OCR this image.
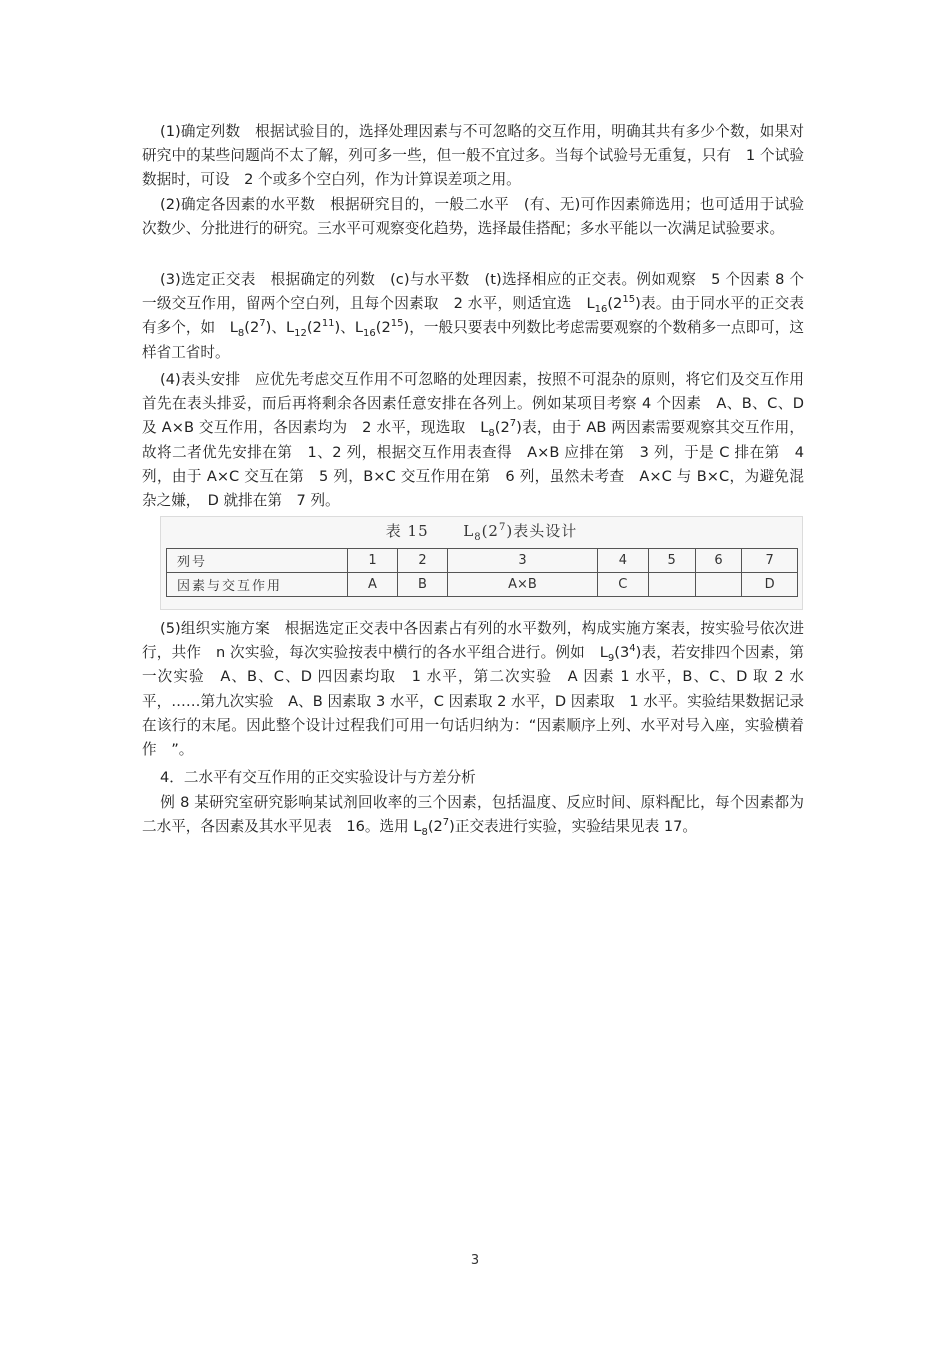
(1)确定列数　根据试验目的，选择处理因素与不可忽略的交互作用，明确其共有多少个数，如果对研究中的某些问题尚不太了解，列可多一些，但一般不宜过多。当每个试验号无重复，只有　1 个试验数据时，可设　2 个或多个空白列，作为计算误差项之用。
(2)确定各因素的水平数　根据研究目的，一般二水平　(有、无)可作因素筛选用；也可适用于试验次数少、分批进行的研究。三水平可观察变化趋势，选择最佳搭配；多水平能以一次满足试验要求。
(3)选定正交表　根据确定的列数　(c)与水平数　(t)选择相应的正交表。例如观察　5 个因素 8 个一级交互作用，留两个空白列，且每个因素取　2 水平，则适宜选　$L_{16}(2^{15})$表。由于同水平的正交表有多个，如　$L_8(2^7)$、$L_{12}(2^{11})$、$L_{16}(2^{15})$，一般只要表中列数比考虑需要观察的个数稍多一点即可，这样省工省时。
(4)表头安排　应优先考虑交互作用不可忽略的处理因素，按照不可混杂的原则，将它们及交互作用首先在表头排妥，而后再将剩余各因素任意安排在各列上。例如某项目考察 4 个因素　A、B、C、D 及 A×B 交互作用，各因素均为　2 水平，现选取　$L_8(2^7)$表，由于 AB 两因素需要观察其交互作用，故将二者优先安排在第　1、2 列，根据交互作用表查得　A×B 应排在第　3 列，于是 C 排在第　4 列，由于 A×C 交互在第　5 列，B×C 交互作用在第　6 列，虽然未考查　A×C 与 B×C，为避免混杂之嫌，　D 就排在第　7 列。
表 15 $L_8(2^7)$表头设计
列号	1	2	3	4	5	6	7
因素与交互作用	A	B	A×B	C			D
(5)组织实施方案　根据选定正交表中各因素占有列的水平数列，构成实施方案表，按实验号依次进行，共作　n 次实验，每次实验按表中横行的各水平组合进行。例如　$L_9(3^4)$表，若安排四个因素，第一次实验　A、B、C、D 四因素均取　1 水平，第二次实验　A 因素 1 水平，B、C、D 取 2 水平，……第九次实验　A、B 因素取 3 水平，C 因素取 2 水平，D 因素取　1 水平。实验结果数据记录在该行的末尾。因此整个设计过程我们可用一句话归纳为：“因素顺序上列、水平对号入座，实验横着作　”。
4．二水平有交互作用的正交实验设计与方差分析
例 8 某研究室研究影响某试剂回收率的三个因素，包括温度、反应时间、原料配比，每个因素都为二水平，各因素及其水平见表　16。选用 $L_8(2^7)$正交表进行实验，实验结果见表 17。
3
